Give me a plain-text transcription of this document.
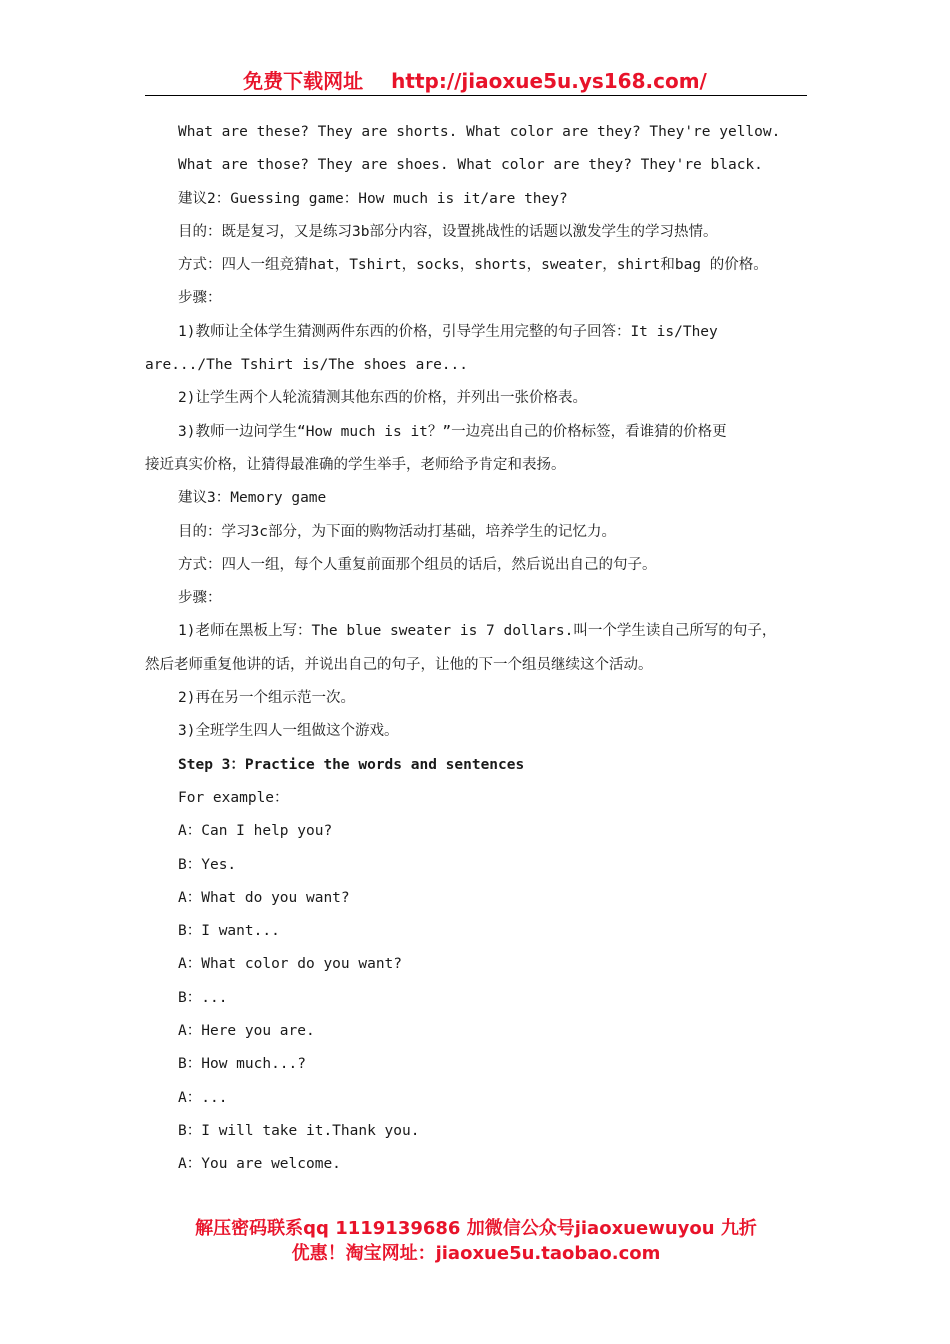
免费下载网址 http://jiaoxue5u.ys168.com/
What are these? They are shorts. What color are they? They're yellow.
What are those? They are shoes. What color are they? They're black.
建议2：Guessing game：How much is it/are they?
目的：既是复习，又是练习3b部分内容，设置挑战性的话题以激发学生的学习热情。
方式：四人一组竞猜hat，Tshirt，socks，shorts，sweater，shirt和bag 的价格。
步骤：
1)教师让全体学生猜测两件东西的价格，引导学生用完整的句子回答：It is/They
are.../The Tshirt is/The shoes are...
2)让学生两个人轮流猜测其他东西的价格，并列出一张价格表。
3)教师一边问学生“How much is it？”一边亮出自己的价格标签，看谁猜的价格更
接近真实价格，让猜得最准确的学生举手，老师给予肯定和表扬。
建议3：Memory game
目的：学习3c部分，为下面的购物活动打基础，培养学生的记忆力。
方式：四人一组，每个人重复前面那个组员的话后，然后说出自己的句子。
步骤：
1)老师在黑板上写：The blue sweater is 7 dollars.叫一个学生读自己所写的句子，
然后老师重复他讲的话，并说出自己的句子，让他的下一个组员继续这个活动。
2)再在另一个组示范一次。
3)全班学生四人一组做这个游戏。
Step 3：Practice the words and sentences
For example：
A：Can I help you?
B：Yes.
A：What do you want?
B：I want...
A：What color do you want?
B：...
A：Here you are.
B：How much...?
A：...
B：I will take it.Thank you.
A：You are welcome.
解压密码联系qq 1119139686 加微信公众号jiaoxuewuyou 九折
优惠！淘宝网址：jiaoxue5u.taobao.com
